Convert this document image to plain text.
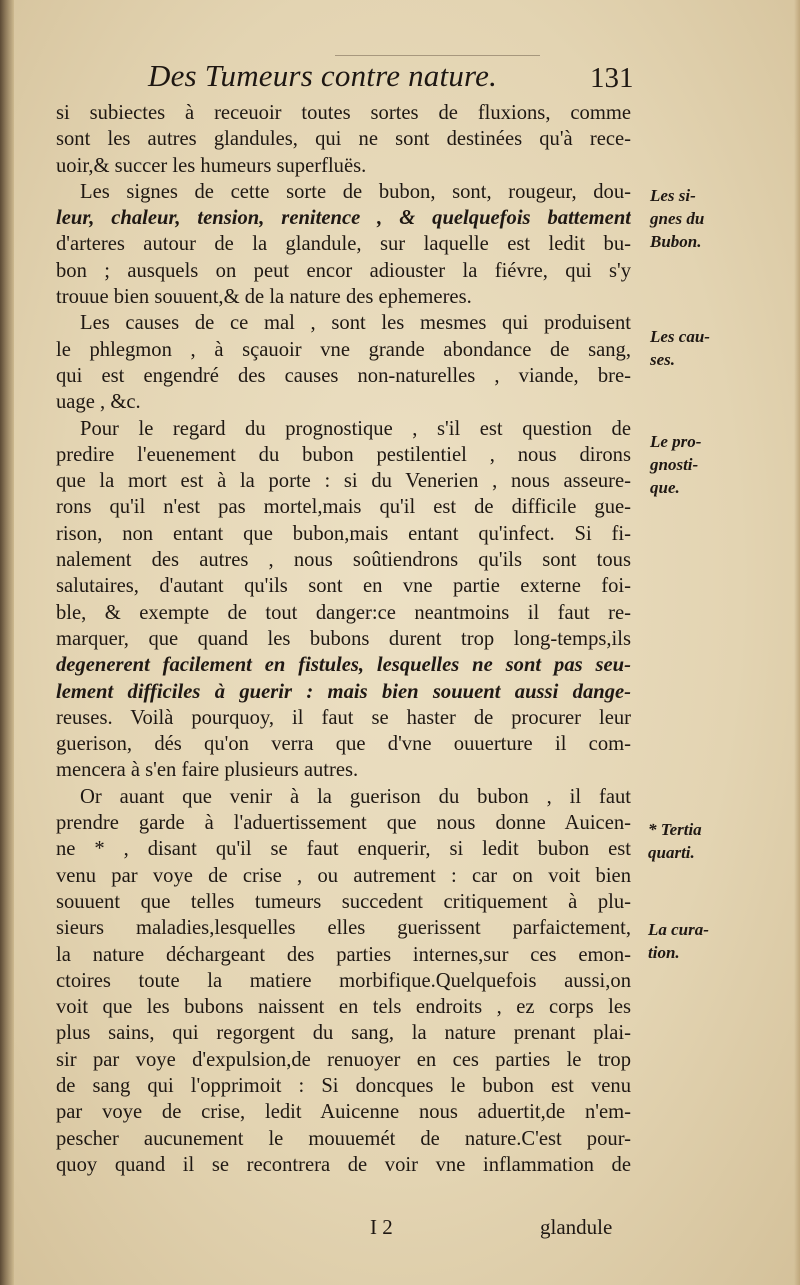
Des Tumeurs contre nature.	131
si subiectes à receuoir toutes sortes de fluxions, comme
sont les autres glandules, qui ne sont destinées qu'à rece-
uoir,& succer les humeurs superfluës.
Les signes de cette sorte de bubon, sont, rougeur, dou-
leur, chaleur, tension, renitence , & quelquefois battement
d'arteres autour de la glandule, sur laquelle est ledit bu-
bon ; ausquels on peut encor adiouster la fiévre, qui s'y
trouue bien souuent,& de la nature des ephemeres.
Les causes de ce mal , sont les mesmes qui produisent
le phlegmon , à sçauoir vne grande abondance de sang,
qui est engendré des causes non-naturelles , viande, bre-
uage , &c.
Pour le regard du prognostique , s'il est question de
predire l'euenement du bubon pestilentiel , nous dirons
que la mort est à la porte : si du Venerien , nous asseure-
rons qu'il n'est pas mortel,mais qu'il est de difficile gue-
rison, non entant que bubon,mais entant qu'infect. Si fi-
nalement des autres , nous soûtiendrons qu'ils sont tous
salutaires, d'autant qu'ils sont en vne partie externe foi-
ble, & exempte de tout danger:ce neantmoins il faut re-
marquer, que quand les bubons durent trop long-temps,ils
degenerent facilement en fistules, lesquelles ne sont pas seu-
lement difficiles à guerir : mais bien souuent aussi dange-
reuses. Voilà pourquoy, il faut se haster de procurer leur
guerison, dés qu'on verra que d'vne ouuerture il com-
mencera à s'en faire plusieurs autres.
Or auant que venir à la guerison du bubon , il faut
prendre garde à l'aduertissement que nous donne Auicen-
ne * , disant qu'il se faut enquerir, si ledit bubon est
venu par voye de crise , ou autrement : car on voit bien
souuent que telles tumeurs succedent critiquement à plu-
sieurs maladies,lesquelles elles guerissent parfaictement,
la nature déchargeant des parties internes,sur ces emon-
ctoires toute la matiere morbifique.Quelquefois aussi,on
voit que les bubons naissent en tels endroits , ez corps les
plus sains, qui regorgent du sang, la nature prenant plai-
sir par voye d'expulsion,de renuoyer en ces parties le trop
de sang qui l'opprimoit : Si doncques le bubon est venu
par voye de crise, ledit Auicenne nous aduertit,de n'em-
pescher aucunement le mouuemét de nature.C'est pour-
quoy quand il se recontrera de voir vne inflammation de
Les si-
gnes du
Bubon.
Les cau-
ses.
Le pro-
gnosti-
que.
* Tertia
quarti.
La cura-
tion.
I 2	glandule
